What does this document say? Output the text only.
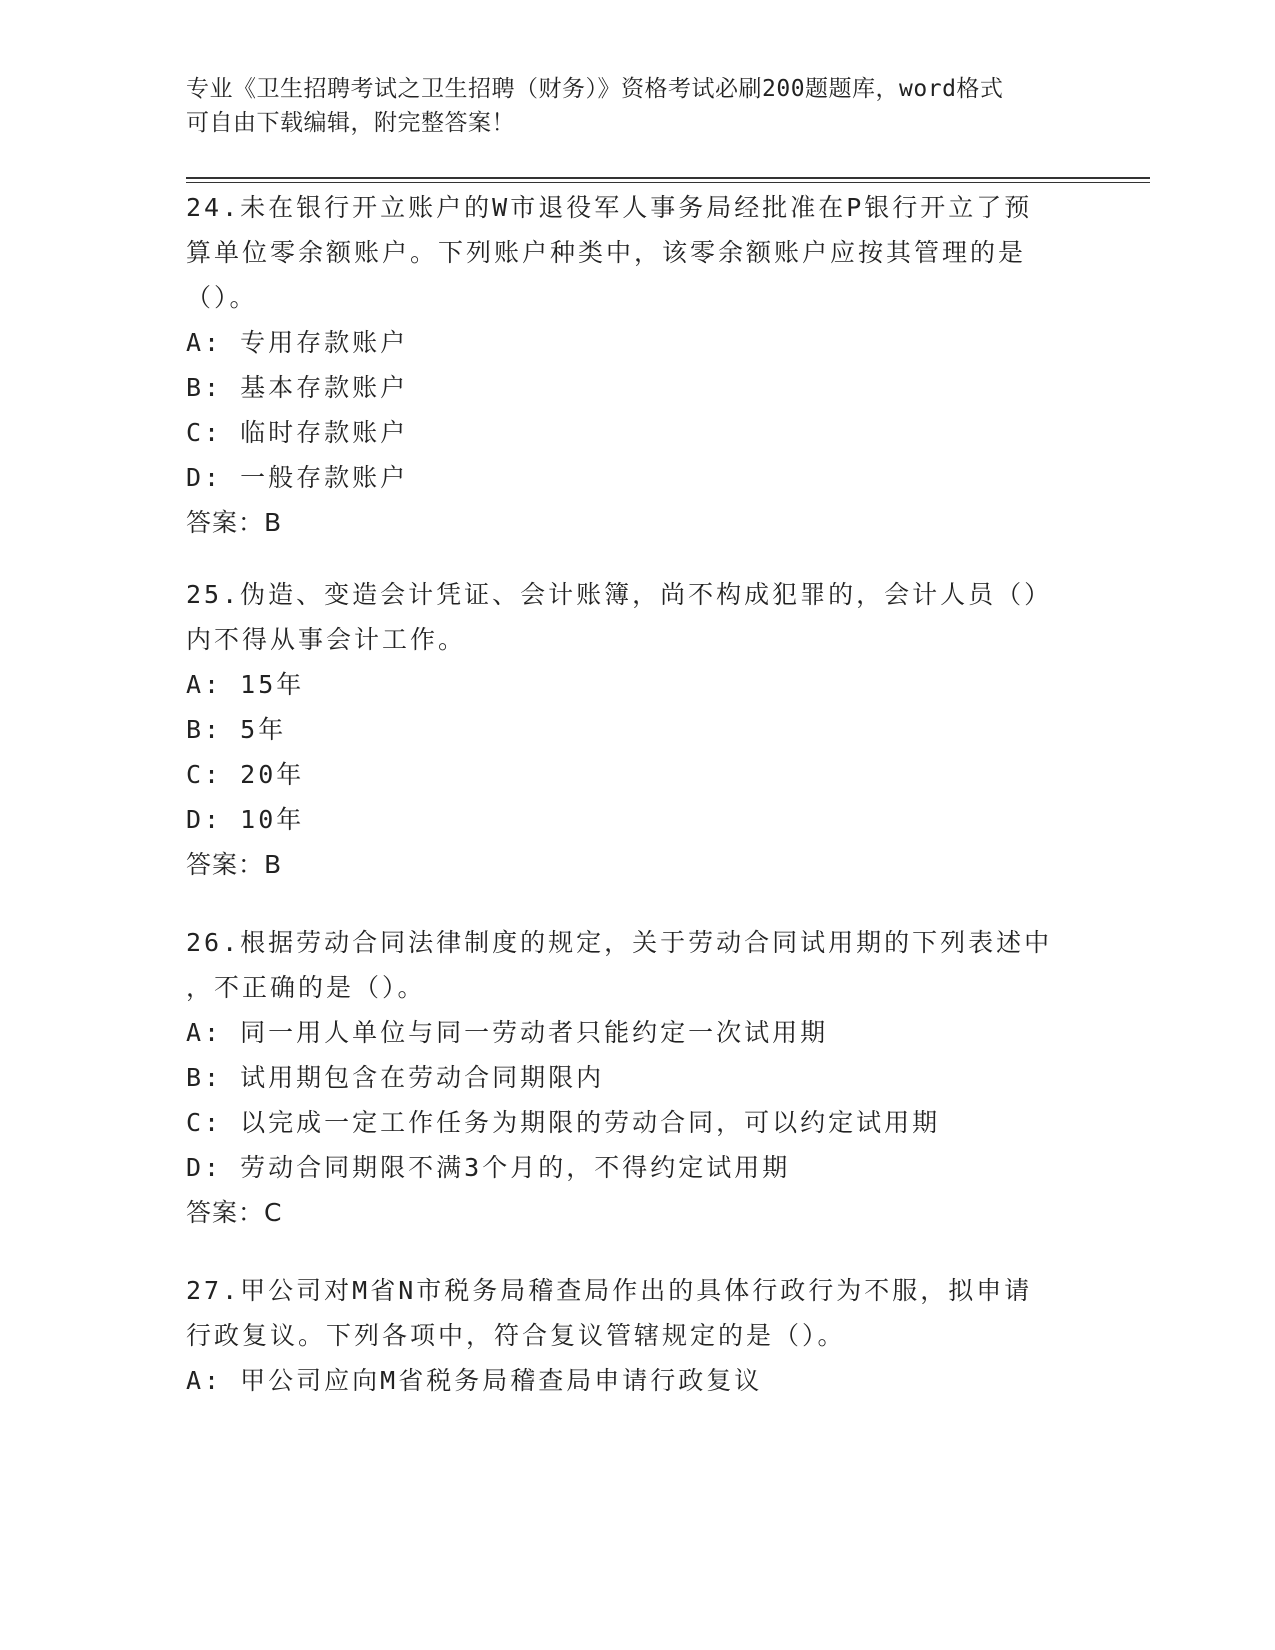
专业《卫生招聘考试之卫生招聘（财务）》资格考试必刷200题题库，word格式
可自由下载编辑，附完整答案！
24.未在银行开立账户的W市退役军人事务局经批准在P银行开立了预
算单位零余额账户。下列账户种类中，该零余额账户应按其管理的是
（）。
A: 专用存款账户
B: 基本存款账户
C: 临时存款账户
D: 一般存款账户
答案：B
25.伪造、变造会计凭证、会计账簿，尚不构成犯罪的，会计人员（）
内不得从事会计工作。
A: 15年
B: 5年
C: 20年
D: 10年
答案：B
26.根据劳动合同法律制度的规定，关于劳动合同试用期的下列表述中
，不正确的是（）。
A: 同一用人单位与同一劳动者只能约定一次试用期
B: 试用期包含在劳动合同期限内
C: 以完成一定工作任务为期限的劳动合同，可以约定试用期
D: 劳动合同期限不满3个月的，不得约定试用期
答案：C
27.甲公司对M省N市税务局稽查局作出的具体行政行为不服，拟申请
行政复议。下列各项中，符合复议管辖规定的是（）。
A: 甲公司应向M省税务局稽查局申请行政复议
